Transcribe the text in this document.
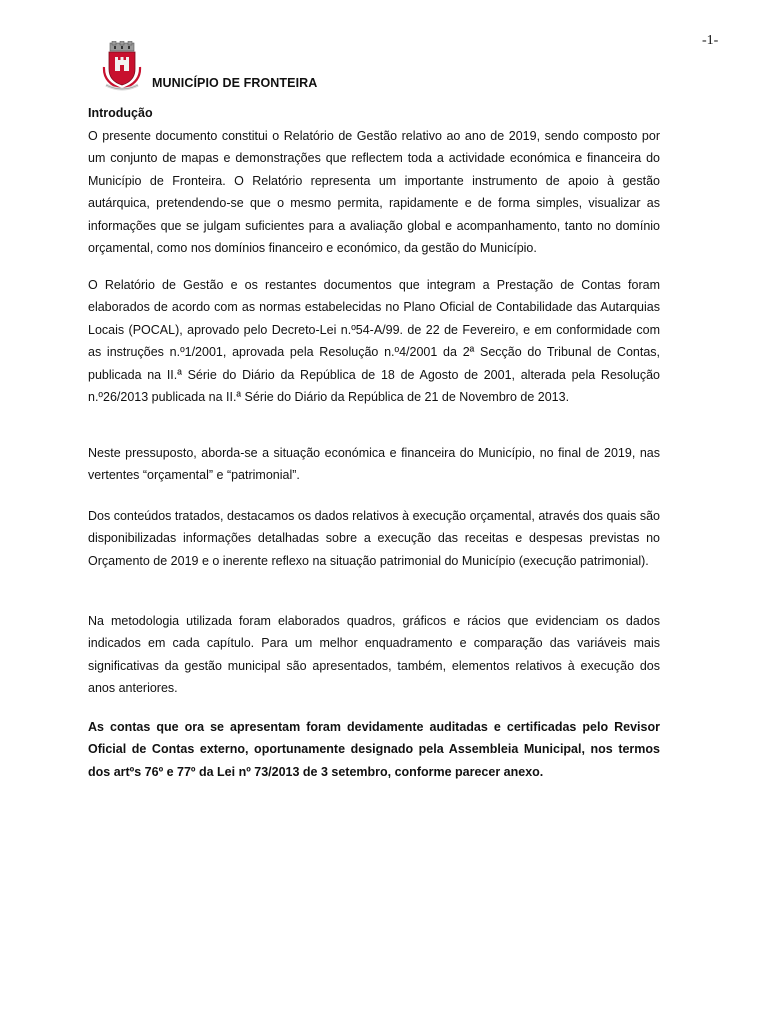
-1-
MUNICÍPIO DE FRONTEIRA
Introdução

O presente documento constitui o Relatório de Gestão relativo ao ano de 2019, sendo composto por um conjunto de mapas e demonstrações que reflectem toda a actividade económica e financeira do Município de Fronteira. O Relatório representa um importante instrumento de apoio à gestão autárquica, pretendendo-se que o mesmo permita, rapidamente e de forma simples, visualizar as informações que se julgam suficientes para a avaliação global e acompanhamento, tanto no domínio orçamental, como nos domínios financeiro e económico, da gestão do Município.

O Relatório de Gestão e os restantes documentos que integram a Prestação de Contas foram elaborados de acordo com as normas estabelecidas no Plano Oficial de Contabilidade das Autarquias Locais (POCAL), aprovado pelo Decreto-Lei n.º54-A/99. de 22 de Fevereiro, e em conformidade com as instruções n.º1/2001, aprovada pela Resolução n.º4/2001 da 2ª Secção do Tribunal de Contas, publicada na II.ª Série do Diário da República de 18 de Agosto de 2001, alterada pela Resolução n.º26/2013 publicada na II.ª Série do Diário da República de 21 de Novembro de 2013.

Neste pressuposto, aborda-se a situação económica e financeira do Município, no final de 2019, nas vertentes “orçamental” e “patrimonial”.

Dos conteúdos tratados, destacamos os dados relativos à execução orçamental, através dos quais são disponibilizadas informações detalhadas sobre a execução das receitas e despesas previstas no Orçamento de 2019 e o inerente reflexo na situação patrimonial do Município (execução patrimonial).

Na metodologia utilizada foram elaborados quadros, gráficos e rácios que evidenciam os dados indicados em cada capítulo. Para um melhor enquadramento e comparação das variáveis mais significativas da gestão municipal são apresentados, também, elementos relativos à execução dos anos anteriores.

As contas que ora se apresentam foram devidamente auditadas e certificadas pelo Revisor Oficial de Contas externo, oportunamente designado pela Assembleia Municipal, nos termos dos artºs 76º e 77º da Lei nº 73/2013 de 3 setembro, conforme parecer anexo.
